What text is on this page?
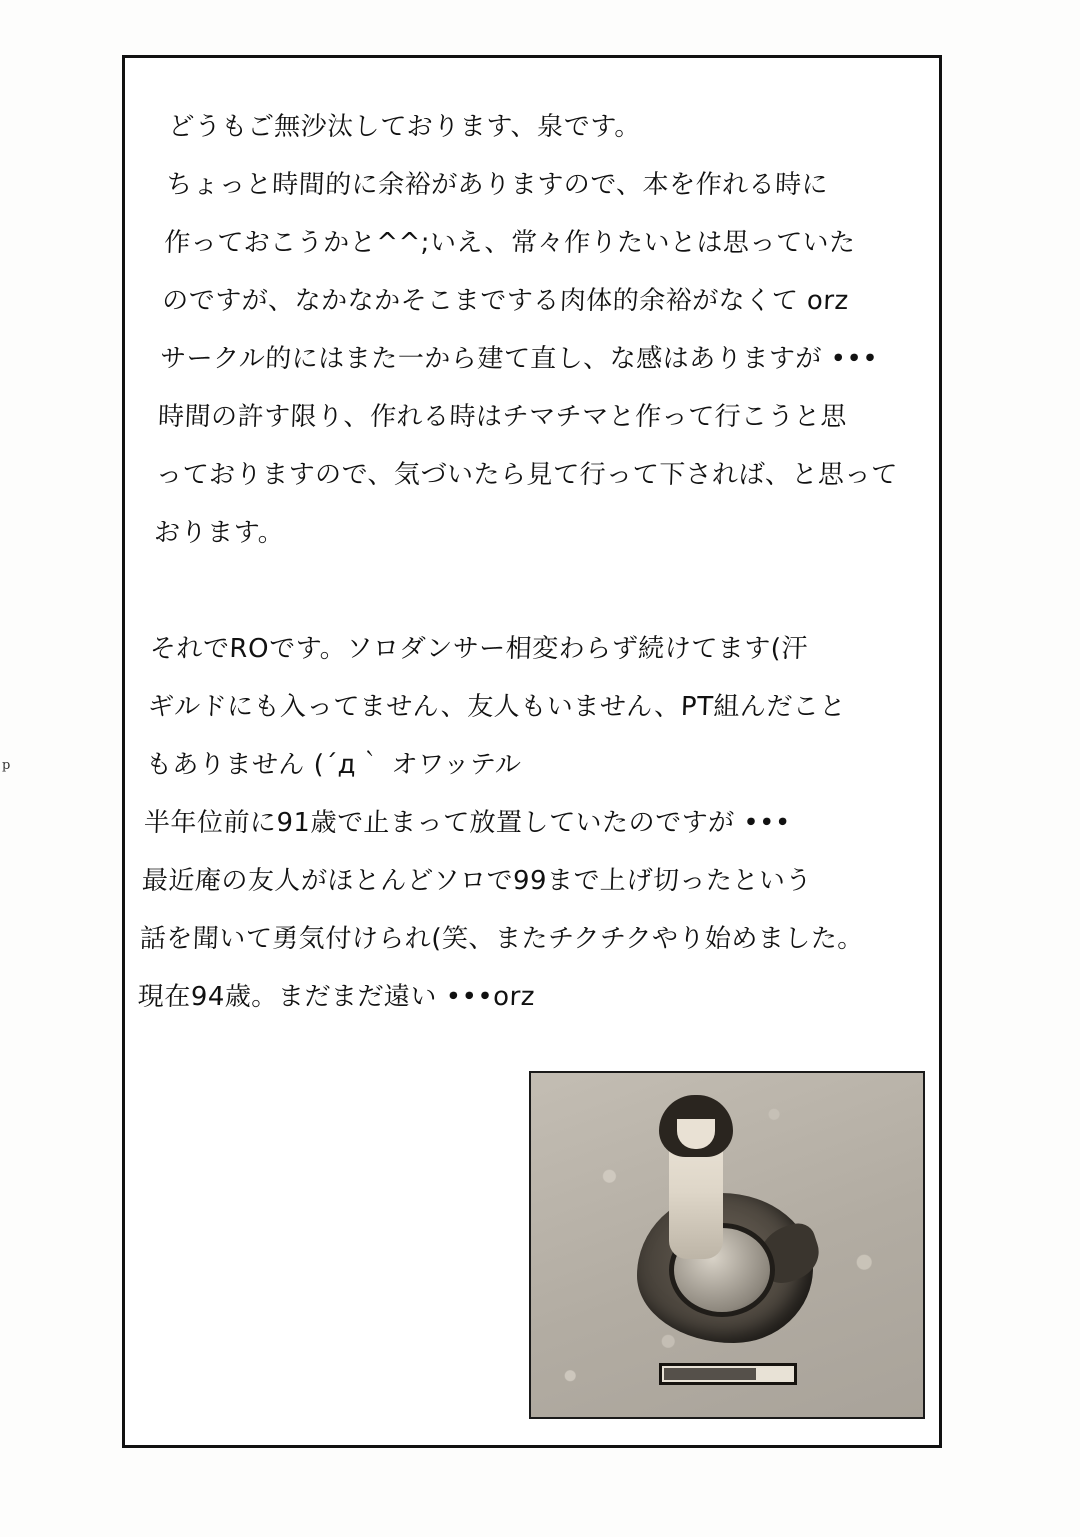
p
どうもご無沙汰しております、泉です。
ちょっと時間的に余裕がありますので、本を作れる時に
作っておこうかと^^;いえ、常々作りたいとは思っていた
のですが、なかなかそこまでする肉体的余裕がなくて orz
サークル的にはまた一から建て直し、な感はありますが •••
時間の許す限り、作れる時はチマチマと作って行こうと思
っておりますので、気づいたら見て行って下されば、と思って
おります。
それでROです。ソロダンサー相変わらず続けてます(汗
ギルドにも入ってません、友人もいません、PT組んだこと
もありません (´д｀ オワッテル
半年位前に91歳で止まって放置していたのですが •••
最近庵の友人がほとんどソロで99まで上げ切ったという
話を聞いて勇気付けられ(笑、またチクチクやり始めました。
現在94歳。まだまだ遠い •••orz
